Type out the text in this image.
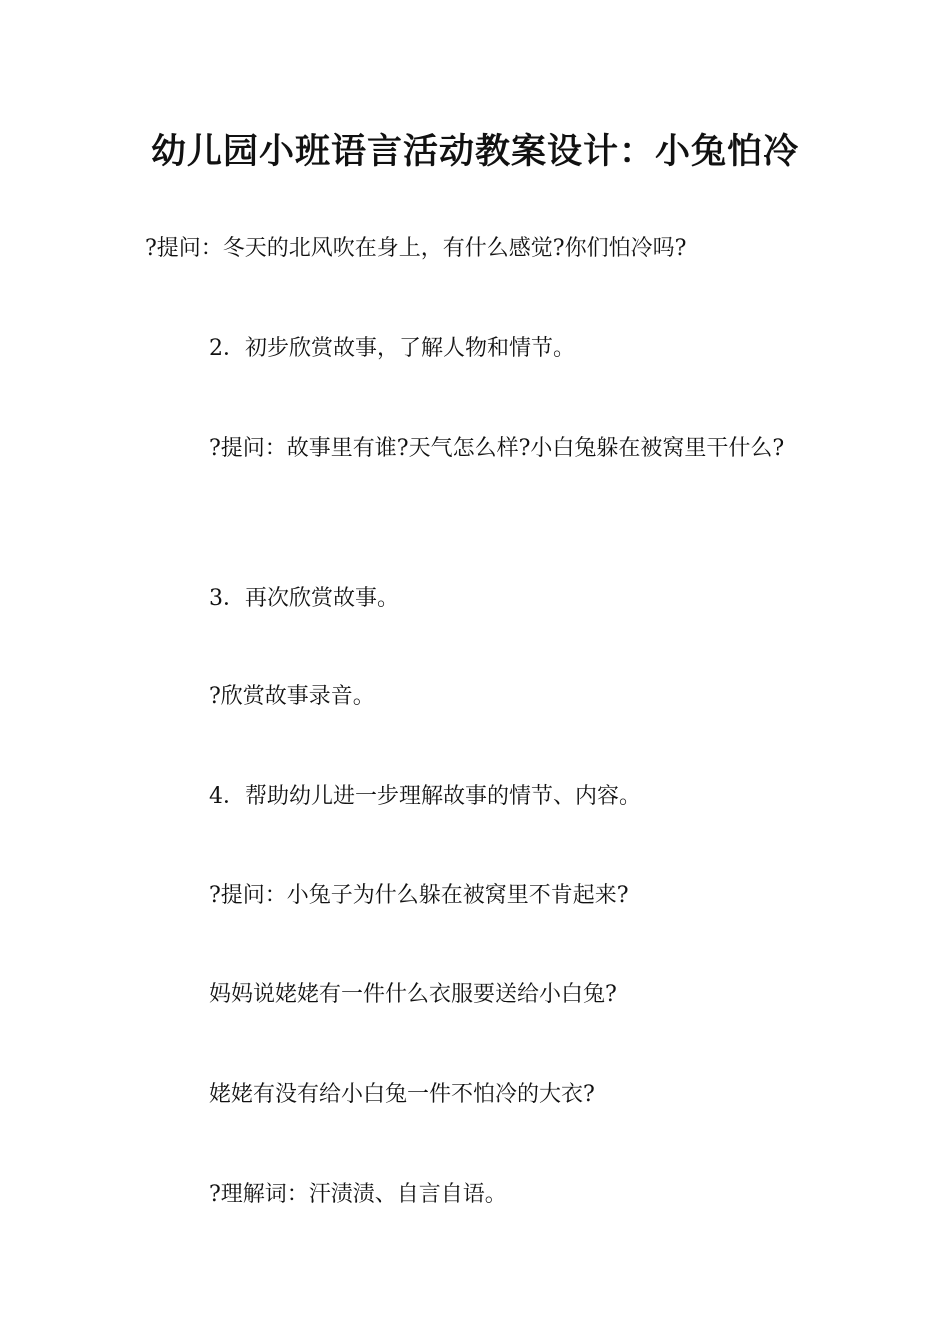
幼儿园小班语言活动教案设计：小兔怕冷

?提问：冬天的北风吹在身上，有什么感觉?你们怕冷吗?

2．初步欣赏故事，了解人物和情节。

?提问：故事里有谁?天气怎么样?小白兔躲在被窝里干什么?

3．再次欣赏故事。

?欣赏故事录音。

4．帮助幼儿进一步理解故事的情节、内容。

?提问：小兔子为什么躲在被窝里不肯起来?

妈妈说姥姥有一件什么衣服要送给小白兔?

姥姥有没有给小白兔一件不怕冷的大衣?

?理解词：汗渍渍、自言自语。
